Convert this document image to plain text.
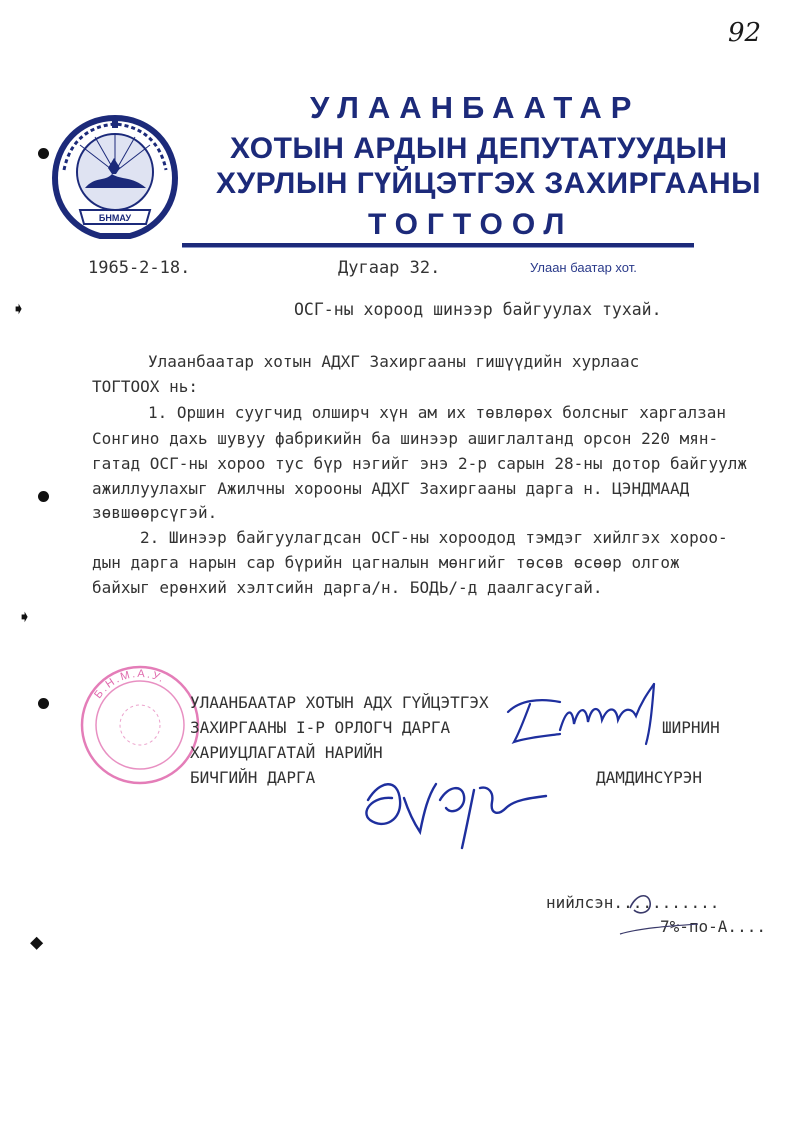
92
➧
➧
◆
БНМАУ
УЛААНБААТАР
ХОТЫН АРДЫН ДЕПУТАТУУДЫН
ХУРЛЫН ГҮЙЦЭТГЭХ ЗАХИРГААНЫ
ТОГТООЛ
1965-2-18.	Дугаар 32.	Улаан баатар хот.
ОСГ-ны хороод шинээр байгуулах тухай.
Улаанбаатар хотын АДХГ Захиргааны гишүүдийн хурлаас
ТОГТООХ нь:
1. Оршин суугчид олширч хүн ам их төвлөрөх болсныг харгалзан
Сонгино дахь шувуу фабрикийн ба шинээр ашиглалтанд орсон 220 мян-
гатад ОСГ-ны хороо тус бүр нэгийг энэ 2-р сарын 28-ны дотор байгуулж
ажиллуулахыг Ажилчны хорооны АДХГ Захиргааны дарга н. ЦЭНДМААД
зөвшөөрсүгэй.
2. Шинээр байгуулагдсан ОСГ-ны хороодод тэмдэг хийлгэх хороо-
дын дарга нарын сар бүрийн цагналын мөнгийг төсөв өсөөр олгож
байхыг ерөнхий хэлтсийн дарга/н. БОДЬ/-д даалгасугай.
Б.Н.М.А.У.
УЛААНБААТАР ХОТЫН АДХ ГҮЙЦЭТГЭХ
ЗАХИРГААНЫ I-Р ОРЛОГЧ ДАРГА	ШИРНИН
ХАРИУЦЛАГАТАЙ НАРИЙН
БИЧГИЙН ДАРГА	ДАМДИНСҮРЭН
нийлсэн...........
7%-по-А....
